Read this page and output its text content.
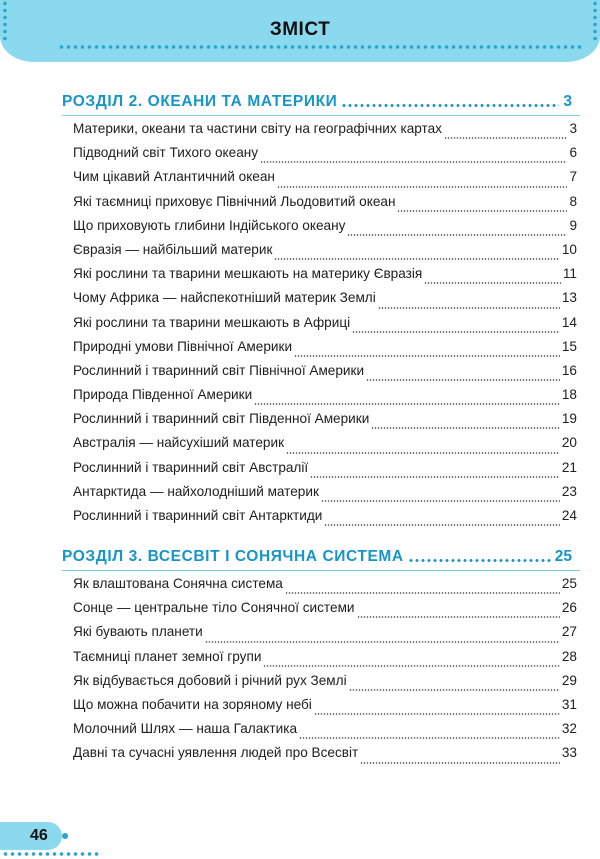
ЗМІСТ
РОЗДІЛ 2. ОКЕАНИ ТА МАТЕРИКИ	3
Материки, океани та частини світу на географічних картах	3
Підводний світ Тихого океану	6
Чим цікавий Атлантичний океан	7
Які таємниці приховує Північний Льодовитий океан	8
Що приховують глибини Індійського океану	9
Євразія — найбільший материк	10
Які рослини та тварини мешкають на материку Євразія	11
Чому Африка — найспекотніший материк Землі	13
Які рослини та тварини мешкають в Африці	14
Природні умови Північної Америки	15
Рослинний і тваринний світ Північної Америки	16
Природа Південної Америки	18
Рослинний і тваринний світ Південної Америки	19
Австралія — найсухіший материк	20
Рослинний і тваринний світ Австралії	21
Антарктида — найхолодніший материк	23
Рослинний і тваринний світ Антарктиди	24
РОЗДІЛ 3. ВСЕСВІТ І СОНЯЧНА СИСТЕМА	25
Як влаштована Сонячна система	25
Сонце — центральне тіло Сонячної системи	26
Які бувають планети	27
Таємниці планет земної групи	28
Як відбувається добовий і річний рух Землі	29
Що можна побачити на зоряному небі	31
Молочний Шлях — наша Галактика	32
Давні та сучасні уявлення людей про Всесвіт	33
46
